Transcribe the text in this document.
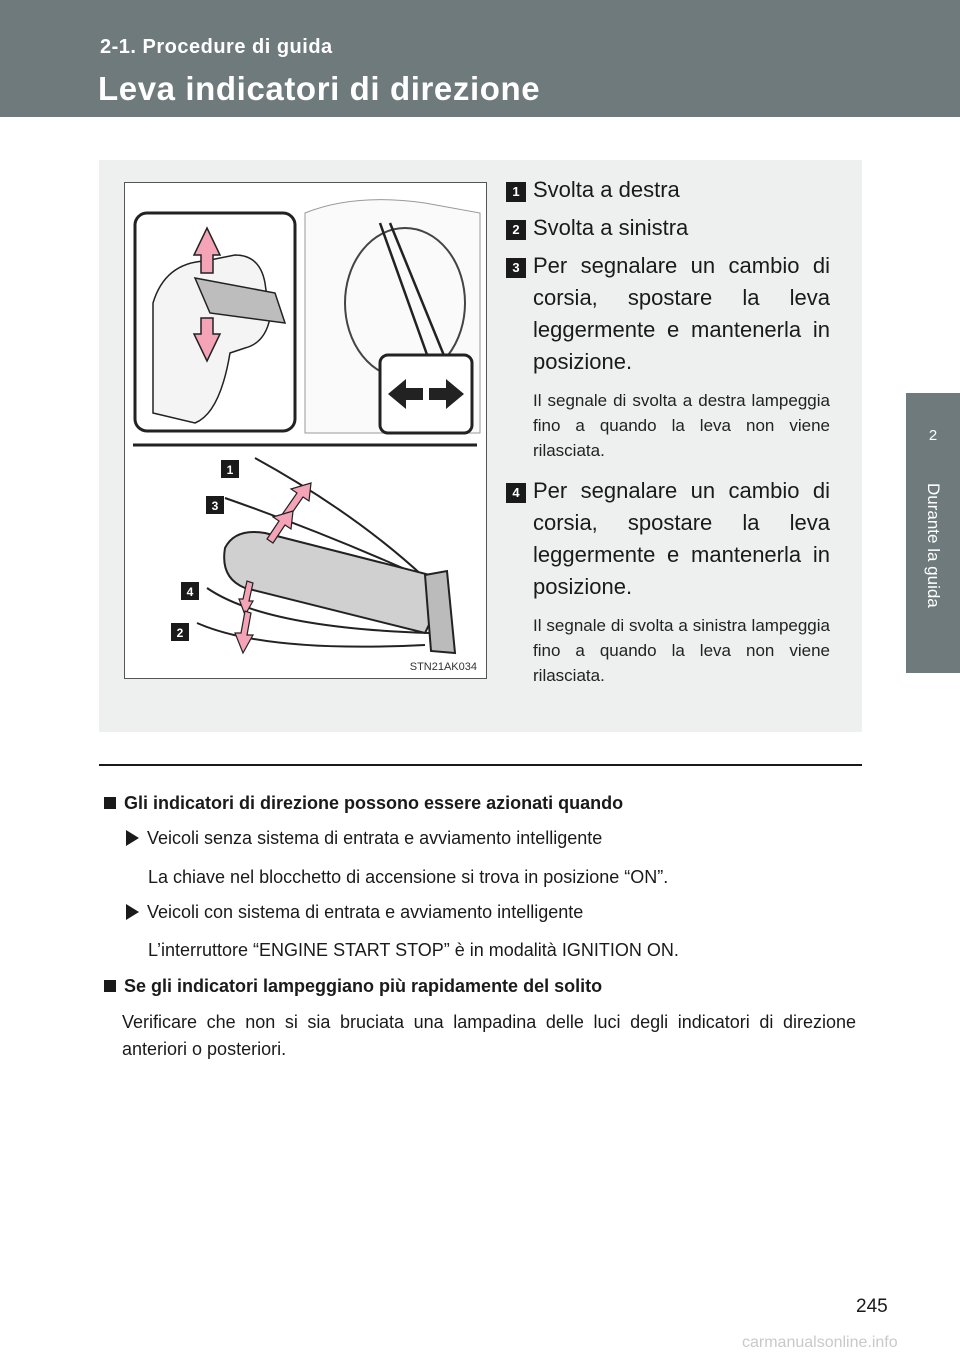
2-1. Procedure di guida
Leva indicatori di direzione
2
Durante la guida
1
3
4
2
STN21AK034
1 Svolta a destra
2 Svolta a sinistra
3 Per segnalare un cambio di corsia, spostare la leva leggermente e mantenerla in posizione.
Il segnale di svolta a destra lampeggia fino a quando la leva non viene rilasciata.
4 Per segnalare un cambio di corsia, spostare la leva leggermente e mantenerla in posizione.
Il segnale di svolta a sinistra lampeggia fino a quando la leva non viene rilasciata.
Gli indicatori di direzione possono essere azionati quando
Veicoli senza sistema di entrata e avviamento intelligente
La chiave nel blocchetto di accensione si trova in posizione “ON”.
Veicoli con sistema di entrata e avviamento intelligente
L’interruttore “ENGINE START STOP” è in modalità IGNITION ON.
Se gli indicatori lampeggiano più rapidamente del solito
Verificare che non si sia bruciata una lampadina delle luci degli indicatori di direzione anteriori o posteriori.
245
carmanualsonline.info
